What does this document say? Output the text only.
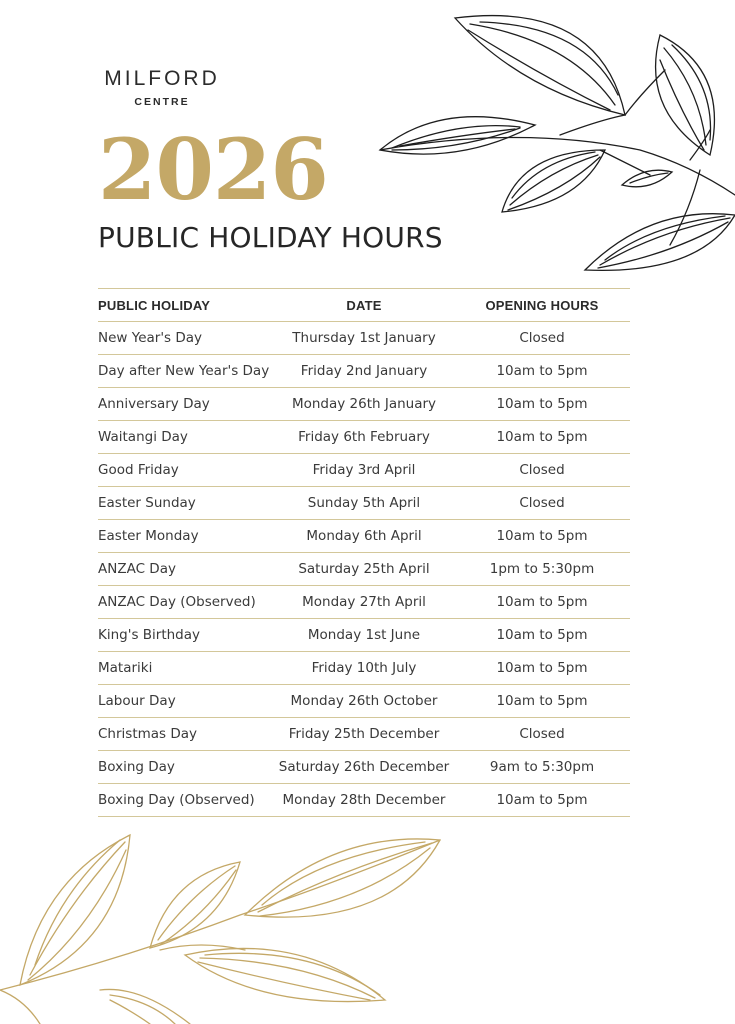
MILFORD
CENTRE
2026
PUBLIC HOLIDAY HOURS
PUBLIC HOLIDAY	DATE	OPENING HOURS
New Year's Day	Thursday 1st January	Closed
Day after New Year's Day	Friday 2nd January	10am to 5pm
Anniversary Day	Monday 26th January	10am to 5pm
Waitangi Day	Friday 6th February	10am to 5pm
Good Friday	Friday 3rd April	Closed
Easter Sunday	Sunday 5th April	Closed
Easter Monday	Monday 6th April	10am to 5pm
ANZAC Day	Saturday 25th April	1pm to 5:30pm
ANZAC Day (Observed)	Monday 27th April	10am to 5pm
King's Birthday	Monday 1st June	10am to 5pm
Matariki	Friday 10th July	10am to 5pm
Labour Day	Monday 26th October	10am to 5pm
Christmas Day	Friday 25th December	Closed
Boxing Day	Saturday 26th December	9am to 5:30pm
Boxing Day (Observed)	Monday 28th December	10am to 5pm
